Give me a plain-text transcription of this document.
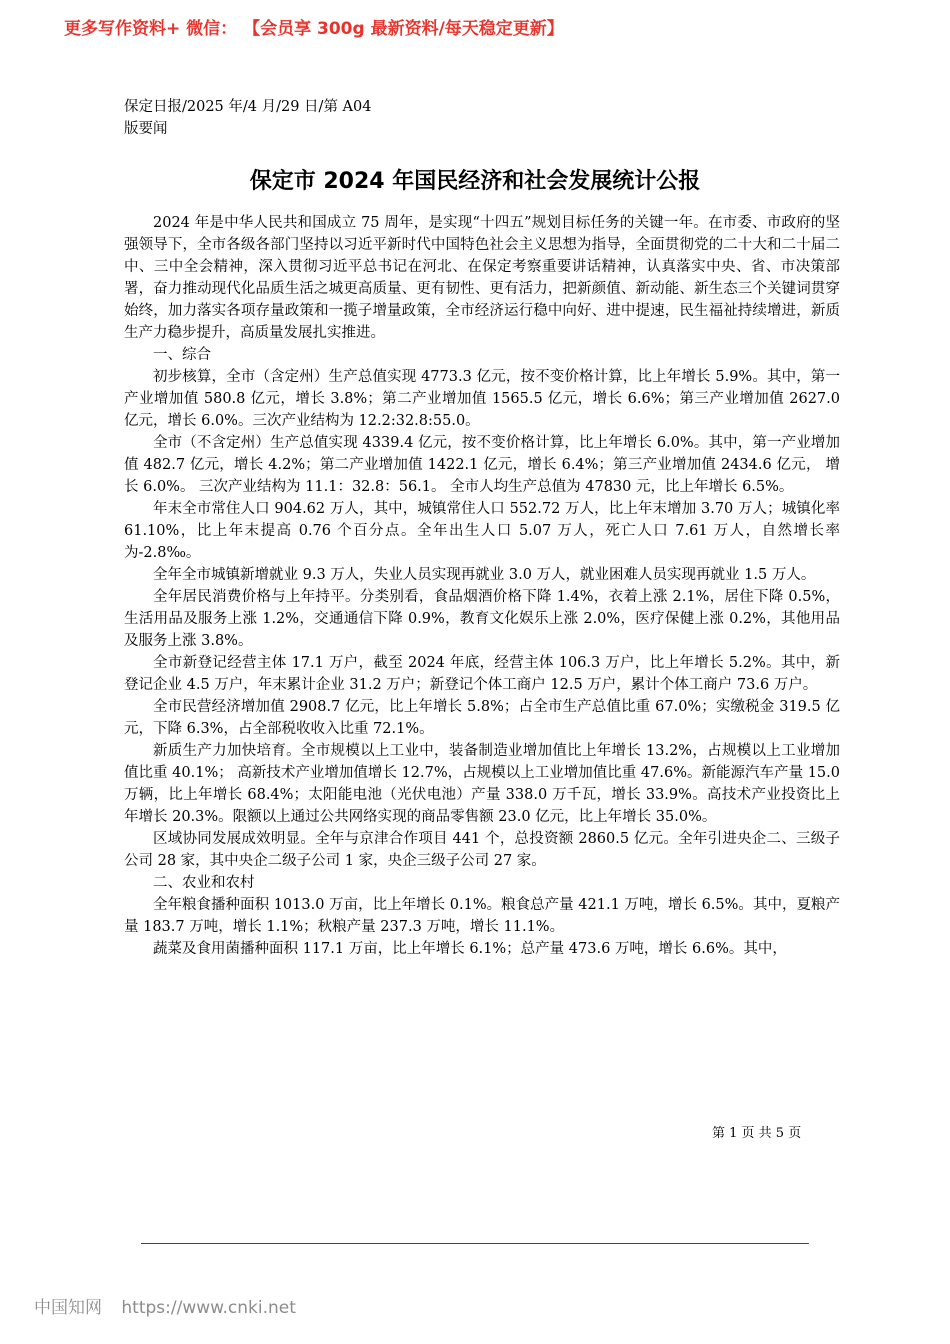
更多写作资料+ 微信： 【会员享 300g 最新资料/每天稳定更新】
保定日报/2025 年/4 月/29 日/第 A04
版要闻
保定市 2024 年国民经济和社会发展统计公报

2024 年是中华人民共和国成立 75 周年，是实现“十四五”规划目标任务的关键一年。在市委、市政府的坚强领导下，全市各级各部门坚持以习近平新时代中国特色社会主义思想为指导，全面贯彻党的二十大和二十届二中、三中全会精神，深入贯彻习近平总书记在河北、在保定考察重要讲话精神，认真落实中央、省、市决策部署，奋力推动现代化品质生活之城更高质量、更有韧性、更有活力，把新颜值、新动能、新生态三个关键词贯穿始终，加力落实各项存量政策和一揽子增量政策，全市经济运行稳中向好、进中提速，民生福祉持续增进，新质生产力稳步提升，高质量发展扎实推进。

一、综合

初步核算，全市（含定州）生产总值实现 4773.3 亿元，按不变价格计算，比上年增长 5.9%。其中，第一产业增加值 580.8 亿元，增长 3.8%；第二产业增加值 1565.5 亿元，增长 6.6%；第三产业增加值 2627.0 亿元，增长 6.0%。三次产业结构为 12.2:32.8:55.0。

全市（不含定州）生产总值实现 4339.4 亿元，按不变价格计算，比上年增长 6.0%。其中，第一产业增加值 482.7 亿元，增长 4.2%；第二产业增加值 1422.1 亿元，增长 6.4%；第三产业增加值 2434.6 亿元， 增长 6.0%。 三次产业结构为 11.1：32.8：56.1。 全市人均生产总值为 47830 元，比上年增长 6.5%。

年末全市常住人口 904.62 万人，其中，城镇常住人口 552.72 万人，比上年末增加 3.70 万人；城镇化率 61.10%，比上年末提高 0.76 个百分点。全年出生人口 5.07 万人，死亡人口 7.61 万人，自然增长率为-2.8‰。

全年全市城镇新增就业 9.3 万人，失业人员实现再就业 3.0 万人，就业困难人员实现再就业 1.5 万人。

全年居民消费价格与上年持平。分类别看，食品烟酒价格下降 1.4%，衣着上涨 2.1%，居住下降 0.5%，生活用品及服务上涨 1.2%，交通通信下降 0.9%，教育文化娱乐上涨 2.0%，医疗保健上涨 0.2%，其他用品及服务上涨 3.8%。

全市新登记经营主体 17.1 万户，截至 2024 年底，经营主体 106.3 万户，比上年增长 5.2%。其中，新登记企业 4.5 万户，年末累计企业 31.2 万户；新登记个体工商户 12.5 万户，累计个体工商户 73.6 万户。

全市民营经济增加值 2908.7 亿元，比上年增长 5.8%；占全市生产总值比重 67.0%；实缴税金 319.5 亿元，下降 6.3%，占全部税收收入比重 72.1%。

新质生产力加快培育。全市规模以上工业中，装备制造业增加值比上年增长 13.2%，占规模以上工业增加值比重 40.1%； 高新技术产业增加值增长 12.7%，占规模以上工业增加值比重 47.6%。新能源汽车产量 15.0 万辆，比上年增长 68.4%；太阳能电池（光伏电池）产量 338.0 万千瓦，增长 33.9%。高技术产业投资比上年增长 20.3%。限额以上通过公共网络实现的商品零售额 23.0 亿元，比上年增长 35.0%。

区域协同发展成效明显。全年与京津合作项目 441 个，总投资额 2860.5 亿元。全年引进央企二、三级子公司 28 家，其中央企二级子公司 1 家，央企三级子公司 27 家。

二、农业和农村

全年粮食播种面积 1013.0 万亩，比上年增长 0.1%。粮食总产量 421.1 万吨，增长 6.5%。其中，夏粮产量 183.7 万吨，增长 1.1%；秋粮产量 237.3 万吨，增长 11.1%。

蔬菜及食用菌播种面积 117.1 万亩，比上年增长 6.1%；总产量 473.6 万吨，增长 6.6%。其中，

第 1 页 共 5 页
中国知网 https://www.cnki.net
